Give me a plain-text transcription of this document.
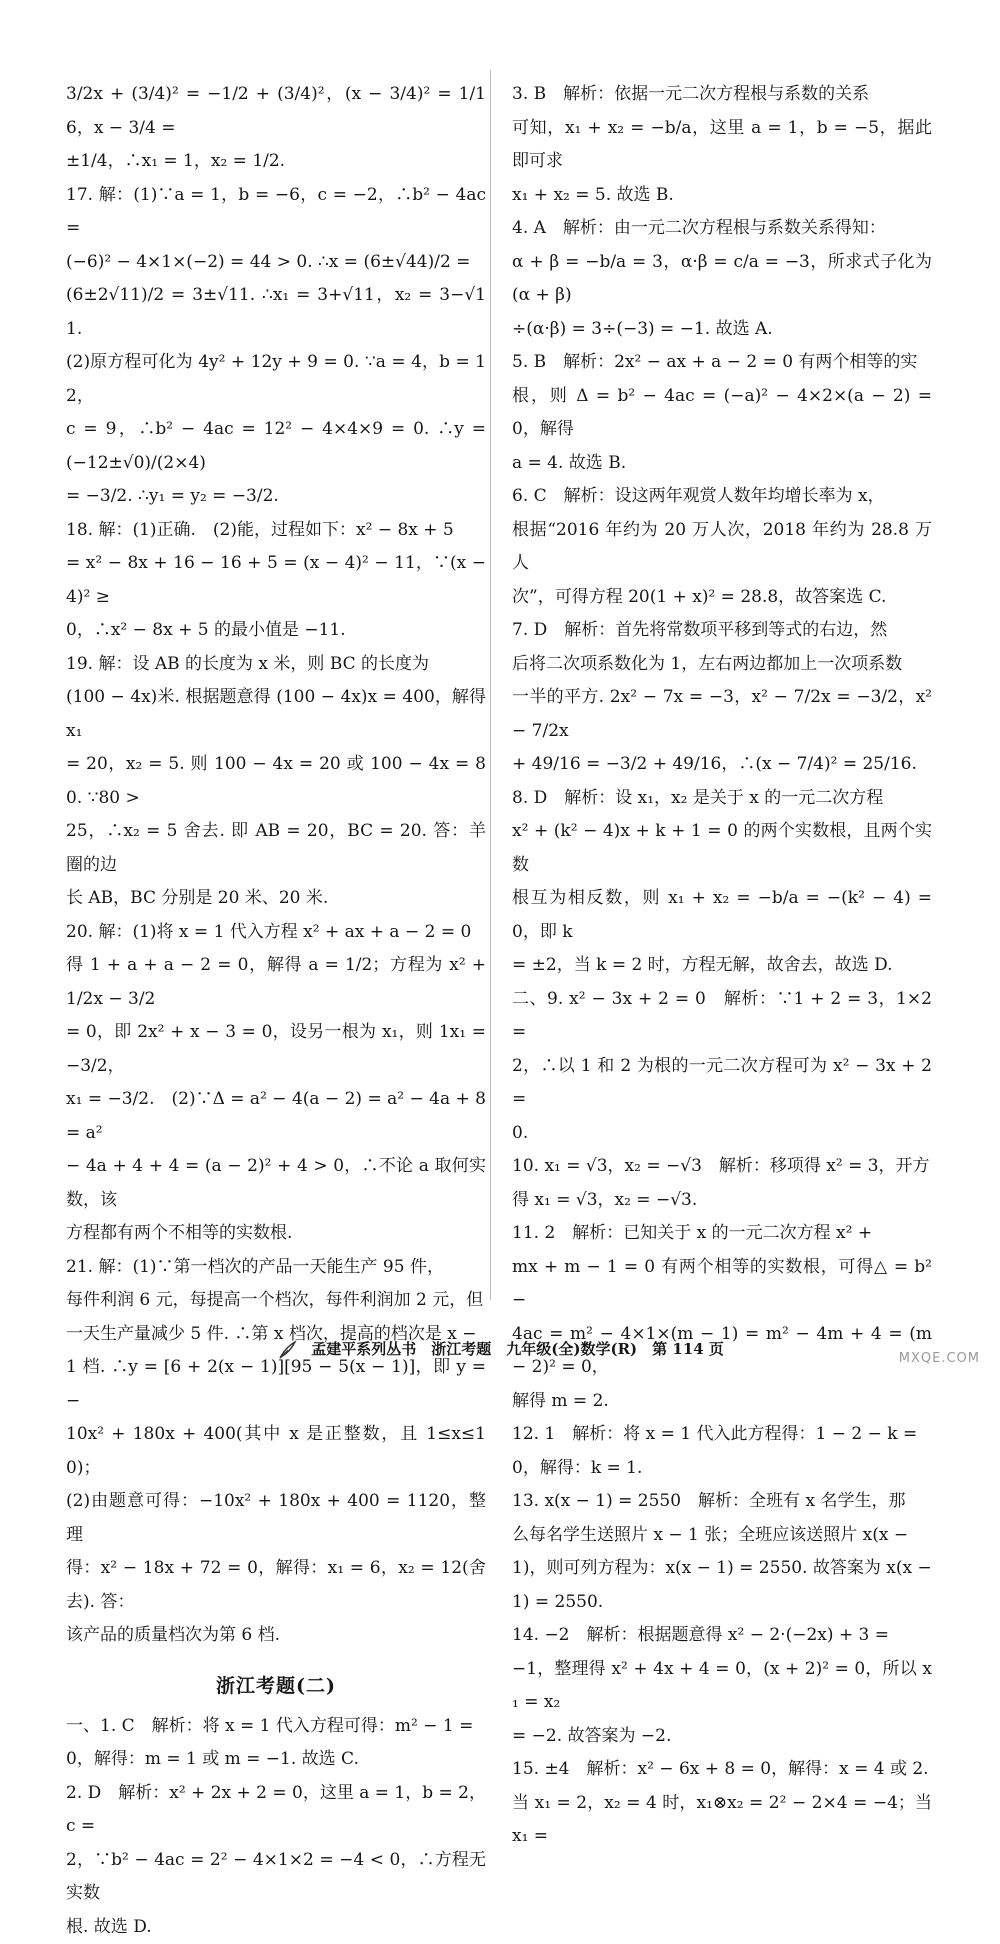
3/2x + (3/4)² = −1/2 + (3/4)²，(x − 3/4)² = 1/16，x − 3/4 =
±1/4，∴x₁ = 1，x₂ = 1/2.
17. 解：(1)∵a = 1，b = −6，c = −2，∴b² − 4ac =
(−6)² − 4×1×(−2) = 44 > 0. ∴x = (6±√44)/2 =
(6±2√11)/2 = 3±√11. ∴x₁ = 3+√11，x₂ = 3−√11.
(2)原方程可化为 4y² + 12y + 9 = 0. ∵a = 4，b = 12，
c = 9，∴b² − 4ac = 12² − 4×4×9 = 0. ∴y = (−12±√0)/(2×4)
= −3/2. ∴y₁ = y₂ = −3/2.
18. 解：(1)正确.　(2)能，过程如下：x² − 8x + 5
= x² − 8x + 16 − 16 + 5 = (x − 4)² − 11，∵(x − 4)² ≥
0，∴x² − 8x + 5 的最小值是 −11.
19. 解：设 AB 的长度为 x 米，则 BC 的长度为
(100 − 4x)米. 根据题意得 (100 − 4x)x = 400，解得 x₁
= 20，x₂ = 5. 则 100 − 4x = 20 或 100 − 4x = 80. ∵80 >
25，∴x₂ = 5 舍去. 即 AB = 20，BC = 20. 答：羊圈的边
长 AB，BC 分别是 20 米、20 米.
20. 解：(1)将 x = 1 代入方程 x² + ax + a − 2 = 0
得 1 + a + a − 2 = 0，解得 a = 1/2；方程为 x² + 1/2x − 3/2
= 0，即 2x² + x − 3 = 0，设另一根为 x₁，则 1x₁ = −3/2，
x₁ = −3/2.　(2)∵Δ = a² − 4(a − 2) = a² − 4a + 8 = a²
− 4a + 4 + 4 = (a − 2)² + 4 > 0，∴不论 a 取何实数，该
方程都有两个不相等的实数根.
21. 解：(1)∵第一档次的产品一天能生产 95 件，
每件利润 6 元，每提高一个档次，每件利润加 2 元，但
一天生产量减少 5 件. ∴第 x 档次，提高的档次是 x −
1 档. ∴y = [6 + 2(x − 1)][95 − 5(x − 1)]，即 y = −
10x² + 180x + 400(其中 x 是正整数，且 1≤x≤10)；
(2)由题意可得：−10x² + 180x + 400 = 1120，整理
得：x² − 18x + 72 = 0，解得：x₁ = 6，x₂ = 12(舍去). 答：
该产品的质量档次为第 6 档.
浙江考题(二)
一、1. C　解析：将 x = 1 代入方程可得：m² − 1 =
0，解得：m = 1 或 m = −1. 故选 C.
2. D　解析：x² + 2x + 2 = 0，这里 a = 1，b = 2，c =
2，∵b² − 4ac = 2² − 4×1×2 = −4 < 0，∴方程无实数
根. 故选 D.
3. B　解析：依据一元二次方程根与系数的关系
可知，x₁ + x₂ = −b/a，这里 a = 1，b = −5，据此即可求
x₁ + x₂ = 5. 故选 B.
4. A　解析：由一元二次方程根与系数关系得知：
α + β = −b/a = 3，α·β = c/a = −3，所求式子化为(α + β)
÷(α·β) = 3÷(−3) = −1. 故选 A.
5. B　解析：2x² − ax + a − 2 = 0 有两个相等的实
根，则 Δ = b² − 4ac = (−a)² − 4×2×(a − 2) = 0，解得
a = 4. 故选 B.
6. C　解析：设这两年观赏人数年均增长率为 x，
根据“2016 年约为 20 万人次，2018 年约为 28.8 万人
次”，可得方程 20(1 + x)² = 28.8，故答案选 C.
7. D　解析：首先将常数项平移到等式的右边，然
后将二次项系数化为 1，左右两边都加上一次项系数
一半的平方. 2x² − 7x = −3，x² − 7/2x = −3/2，x² − 7/2x
+ 49/16 = −3/2 + 49/16，∴(x − 7/4)² = 25/16.
8. D　解析：设 x₁，x₂ 是关于 x 的一元二次方程
x² + (k² − 4)x + k + 1 = 0 的两个实数根，且两个实数
根互为相反数，则 x₁ + x₂ = −b/a = −(k² − 4) = 0，即 k
= ±2，当 k = 2 时，方程无解，故舍去，故选 D.
二、9. x² − 3x + 2 = 0　解析：∵1 + 2 = 3，1×2 =
2，∴以 1 和 2 为根的一元二次方程可为 x² − 3x + 2 =
0.
10. x₁ = √3，x₂ = −√3　解析：移项得 x² = 3，开方
得 x₁ = √3，x₂ = −√3.
11. 2　解析：已知关于 x 的一元二次方程 x² +
mx + m − 1 = 0 有两个相等的实数根，可得△ = b² −
4ac = m² − 4×1×(m − 1) = m² − 4m + 4 = (m − 2)² = 0，
解得 m = 2.
12. 1　解析：将 x = 1 代入此方程得：1 − 2 − k =
0，解得：k = 1.
13. x(x − 1) = 2550　解析：全班有 x 名学生，那
么每名学生送照片 x − 1 张；全班应该送照片 x(x −
1)，则可列方程为：x(x − 1) = 2550. 故答案为 x(x −
1) = 2550.
14. −2　解析：根据题意得 x² − 2·(−2x) + 3 =
−1，整理得 x² + 4x + 4 = 0，(x + 2)² = 0，所以 x₁ = x₂
= −2. 故答案为 −2.
15. ±4　解析：x² − 6x + 8 = 0，解得：x = 4 或 2.
当 x₁ = 2，x₂ = 4 时，x₁⊗x₂ = 2² − 2×4 = −4；当 x₁ =
孟建平系列丛书　浙江考题　九年级(全)数学(R)　第 114 页
MXQE.COM
